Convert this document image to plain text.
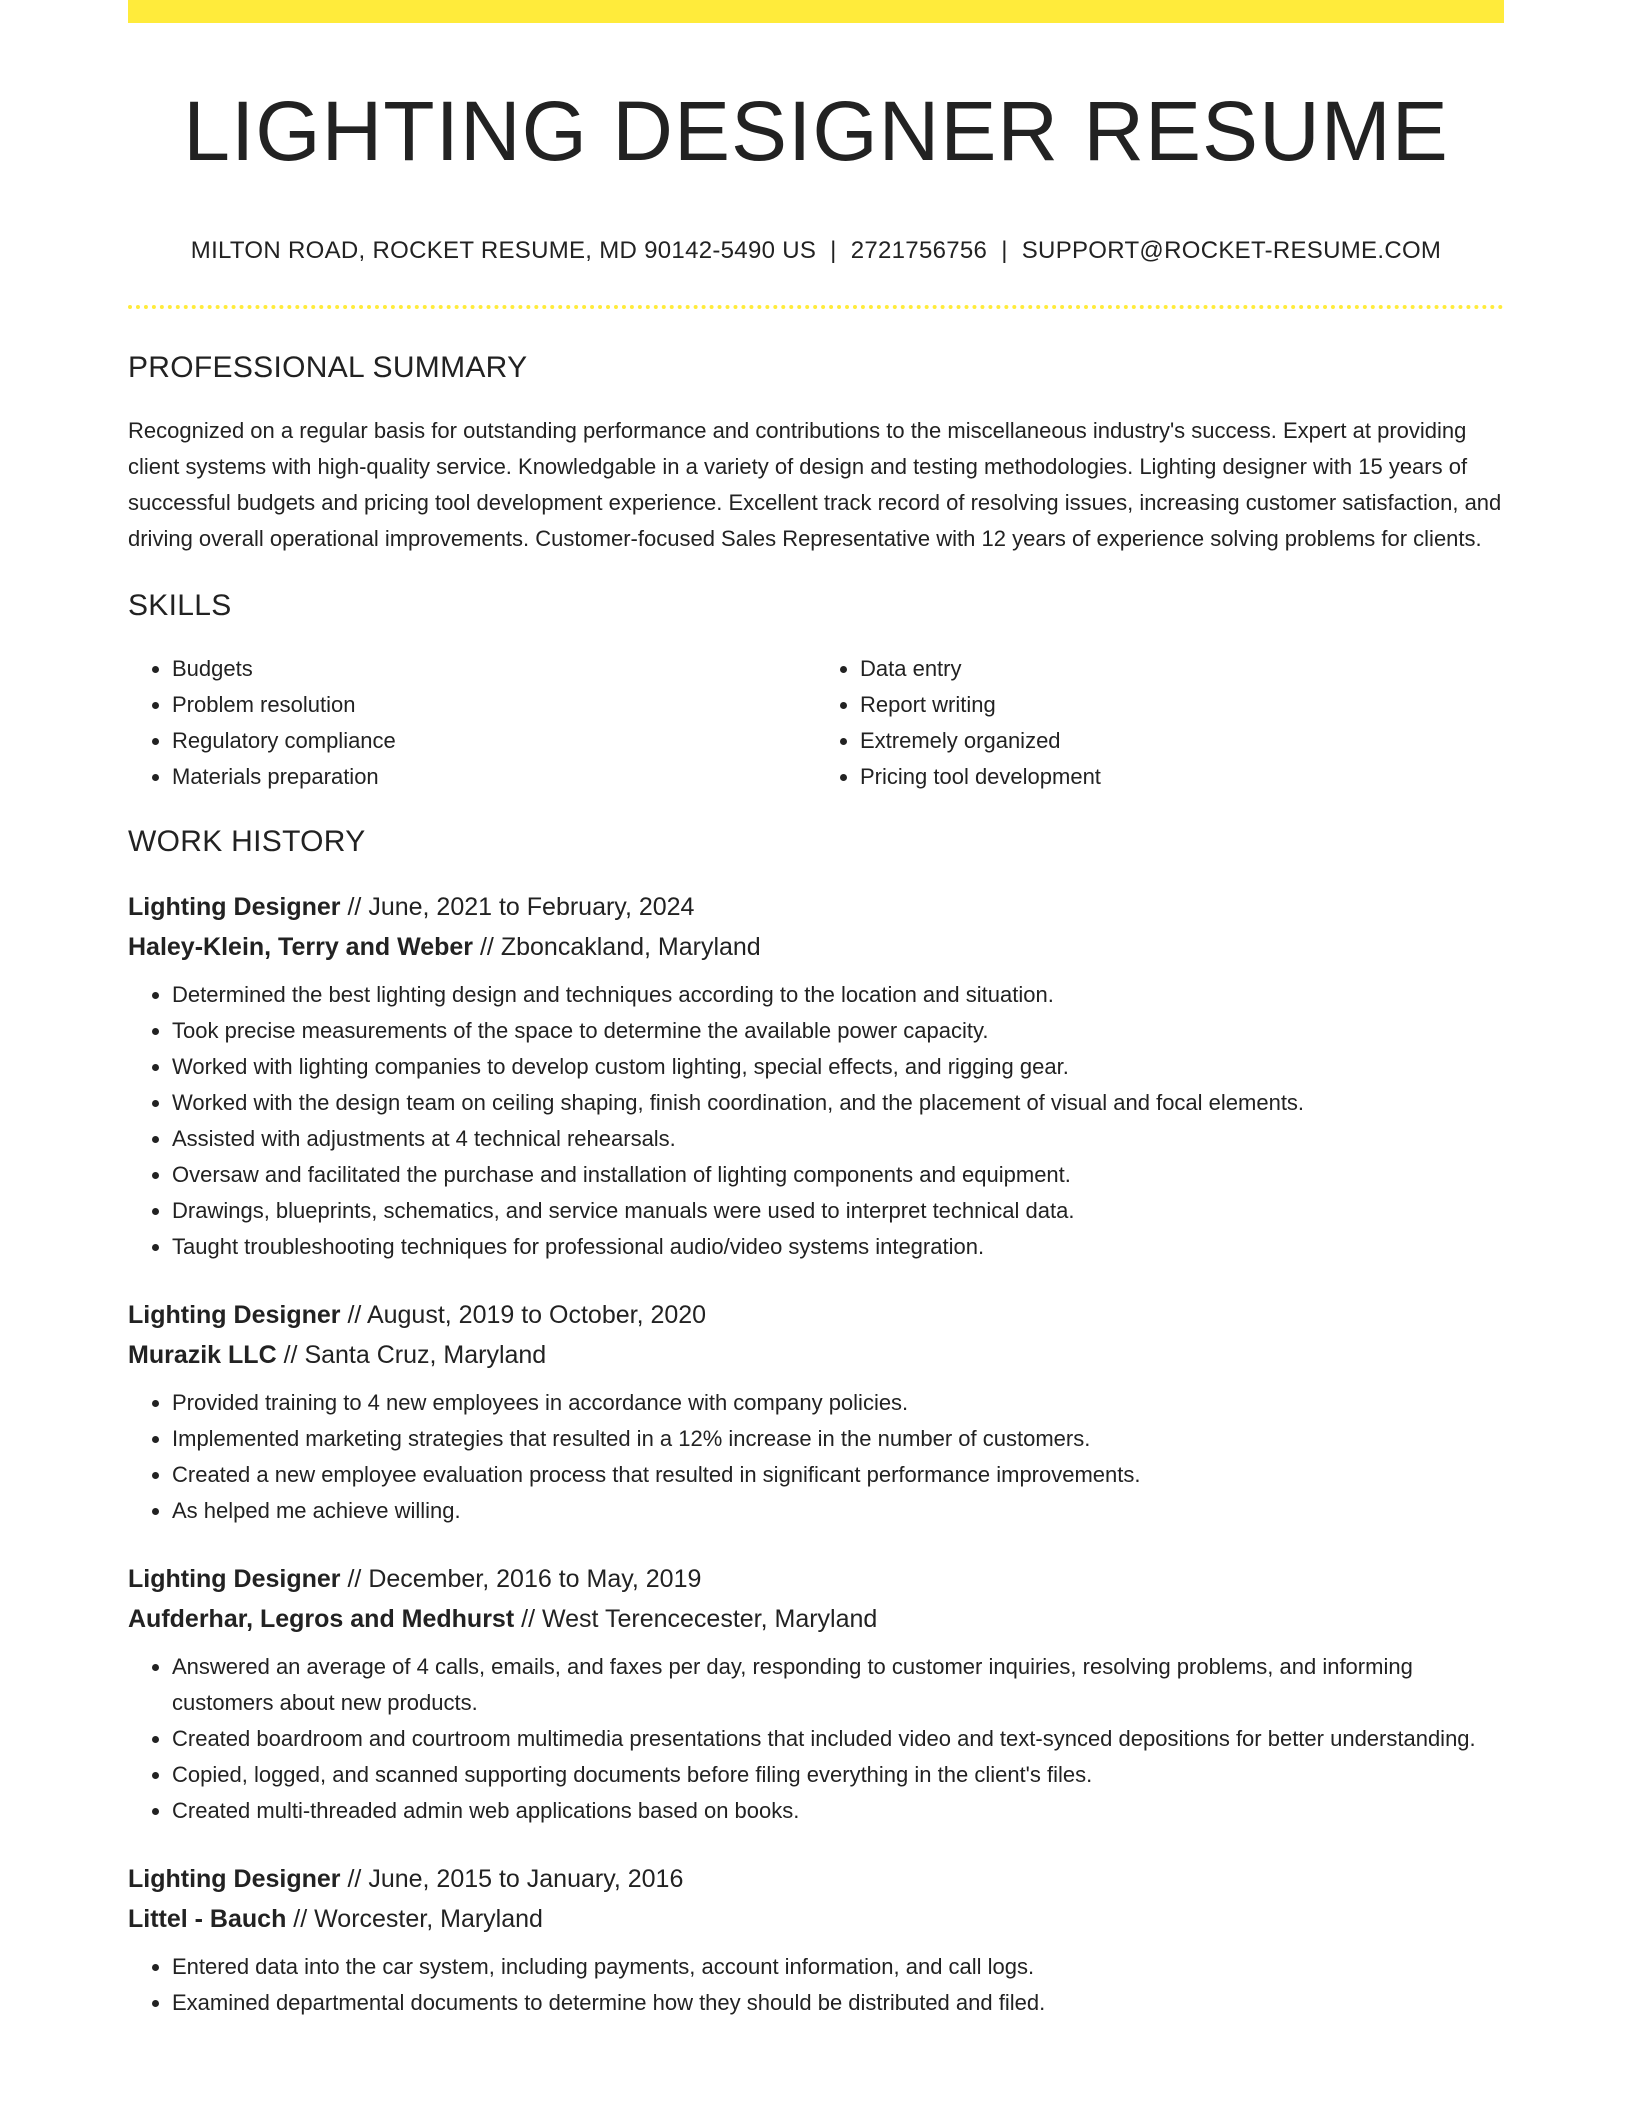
LIGHTING DESIGNER RESUME
MILTON ROAD, ROCKET RESUME, MD 90142-5490 US | 2721756756 | SUPPORT@ROCKET-RESUME.COM
PROFESSIONAL SUMMARY
Recognized on a regular basis for outstanding performance and contributions to the miscellaneous industry's success. Expert at providing client systems with high-quality service. Knowledgable in a variety of design and testing methodologies. Lighting designer with 15 years of successful budgets and pricing tool development experience. Excellent track record of resolving issues, increasing customer satisfaction, and driving overall operational improvements. Customer-focused Sales Representative with 12 years of experience solving problems for clients.
SKILLS
• Budgets
• Problem resolution
• Regulatory compliance
• Materials preparation
• Data entry
• Report writing
• Extremely organized
• Pricing tool development
WORK HISTORY
Lighting Designer // June, 2021 to February, 2024
Haley-Klein, Terry and Weber // Zboncakland, Maryland
• Determined the best lighting design and techniques according to the location and situation.
• Took precise measurements of the space to determine the available power capacity.
• Worked with lighting companies to develop custom lighting, special effects, and rigging gear.
• Worked with the design team on ceiling shaping, finish coordination, and the placement of visual and focal elements.
• Assisted with adjustments at 4 technical rehearsals.
• Oversaw and facilitated the purchase and installation of lighting components and equipment.
• Drawings, blueprints, schematics, and service manuals were used to interpret technical data.
• Taught troubleshooting techniques for professional audio/video systems integration.
Lighting Designer // August, 2019 to October, 2020
Murazik LLC // Santa Cruz, Maryland
• Provided training to 4 new employees in accordance with company policies.
• Implemented marketing strategies that resulted in a 12% increase in the number of customers.
• Created a new employee evaluation process that resulted in significant performance improvements.
• As helped me achieve willing.
Lighting Designer // December, 2016 to May, 2019
Aufderhar, Legros and Medhurst // West Terencecester, Maryland
• Answered an average of 4 calls, emails, and faxes per day, responding to customer inquiries, resolving problems, and informing customers about new products.
• Created boardroom and courtroom multimedia presentations that included video and text-synced depositions for better understanding.
• Copied, logged, and scanned supporting documents before filing everything in the client's files.
• Created multi-threaded admin web applications based on books.
Lighting Designer // June, 2015 to January, 2016
Littel - Bauch // Worcester, Maryland
• Entered data into the car system, including payments, account information, and call logs.
• Examined departmental documents to determine how they should be distributed and filed.
